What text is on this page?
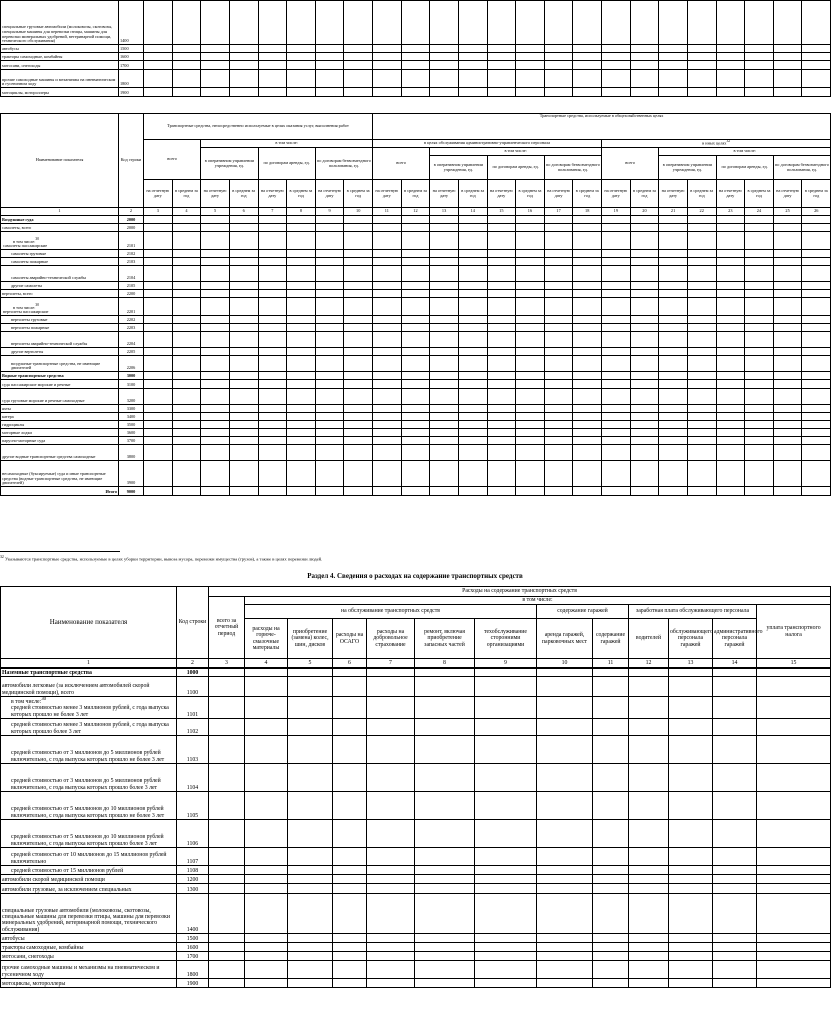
специальные грузовые автомобили (молоковозы, скотовозы, специальные машины для перевозки птицы, машины для перевозки минеральных удобрений, ветеринарной помощи, технического обслуживания)	1400																								
автобусы	1500																								
тракторы самоходные, комбайны	1600																								
мотосани, снегоходы	1700																								
прочие самоходные машины и механизмы на пневматическом и гусеничном ходу	1800																								
мотоциклы, мотороллеры	1900																								
Наименование показателя	Код строки	Транспортные средства, непосредственно используемые в целях оказания услуг, выполнения работ								Транспортные средства, используемые в общехозяйственных целях															
		всего		в том числе:						в целях обслуживания административно-управленческого персонала								в иных целях$^{32}$
				в оперативном управлении учреждения, ед.		по договорам аренды, ед.		по договорам безвозмездного пользования, ед.		всего		в том числе:						всего		в том числе:					
												в оперативном управлении учреждения, ед.		по договорам аренды, ед.		по договорам безвозмездного пользования, ед.				в оперативном управлении учреждения, ед.		по договорам аренды, ед.		по договорам безвозмездного пользования, ед.	
		на отчетную дату	в среднем за год	на отчетную дату	в среднем за год	на отчетную дату	в среднем за год	на отчетную дату	в среднем за год	на отчетную дату	в среднем за год	на отчетную дату	в среднем за год	на отчетную дату	в среднем за год	на отчетную дату	в среднем за год	на отчетную дату	в среднем за год	на отчетную дату	в среднем за год	на отчетную дату	в среднем за год	на отчетную дату	в среднем за год
1	2	3	4	5	6	7	8	9	10	11	12	13	14	15	16	17	18	19	20	21	22	23	24	25	26
Воздушные суда	2000																								
самолеты, всего	2000																								
в том числе:$^{30}$
самолеты пассажирские	2101																								
самолеты грузовые	2102																								
самолеты пожарные	2103																								
самолеты аварийно-технической службы	2104																								
другие самолеты	2105																								
вертолеты, всего	2200																								
в том числе:$^{30}$
вертолеты пассажирские	2201																								
вертолеты грузовые	2202																								
вертолеты пожарные	2203																								
вертолеты аварийно-технической службы	2204																								
другие вертолеты	2205																								
воздушные транспортные средства, не имеющие двигателей	2206																								
Водные транспортные средства	3000																								
суда пассажирские морские и речные	3100																								
суда грузовые морские и речные самоходные	3200																								
яхты	3300																								
катера	3400																								
гидроциклы	3500																								
моторные лодки	3600																								
парусно-моторные суда	3700																								
другие водные транспортные средства самоходные	3800																								
несамоходные (буксируемые) суда и иные транспортные средства (водные транспортные средства, не имеющие двигателей)	3900																								
Итого	9000																								
$^{32}$ Указываются транспортные средства, используемые в целях уборки территории, вывоза мусора, перевозки имущества (грузов), а также в целях перевозки людей.
Раздел 4. Сведения о расходах на содержание транспортных средств
Наименование показателя	Код строки	Расходы на содержание транспортных средств												
		всего за отчетный период	в том числе:											
			на обслуживание транспортных средств						содержание гаражей		заработная плата обслуживающего персонала			уплата транспортного налога
			расходы на горюче-смазочные материалы	приобретение (замена) колес, шин, дисков	расходы на ОСАГО	расходы на добровольное страхование	ремонт, включая приобретение запасных частей	техобслуживание сторонними организациями	аренда гаражей, парковочных мест	содержание гаражей	водителей	обслуживающего персонала гаражей	административного персонала гаражей	
1	2	3	4	5	6	7	8	9	10	11	12	13	14	15
Наземные транспортные средства	1000													
автомобили легковые (за исключением автомобилей скорой медицинской помощи), всего	1100													
в том числе:$^{30}$
средней стоимостью менее 3 миллионов рублей, с года выпуска которых прошло не более 3 лет	1101													
средней стоимостью менее 3 миллионов рублей, с года выпуска которых прошло более 3 лет	1102													
средней стоимостью от 3 миллионов до 5 миллионов рублей включительно, с года выпуска которых прошло не более 3 лет	1103													
средней стоимостью от 3 миллионов до 5 миллионов рублей включительно, с года выпуска которых прошло более 3 лет	1104													
средней стоимостью от 5 миллионов до 10 миллионов рублей включительно, с года выпуска которых прошло не более 3 лет	1105													
средней стоимостью от 5 миллионов до 10 миллионов рублей включительно, с года выпуска которых прошло более 3 лет	1106													
средней стоимостью от 10 миллионов до 15 миллионов рублей включительно	1107													
средней стоимостью от 15 миллионов рублей	1108													
автомобили скорой медицинской помощи	1200													
автомобили грузовые, за исключением специальных	1300													
специальные грузовые автомобили (молоковозы, скотовозы, специальные машины для перевозки птицы, машины для перевозки минеральных удобрений, ветеринарной помощи, технического обслуживания)	1400													
автобусы	1500													
тракторы самоходные, комбайны	1600													
мотосани, снегоходы	1700													
прочие самоходные машины и механизмы на пневматическом и гусеничном ходу	1800													
мотоциклы, мотороллеры	1900													
